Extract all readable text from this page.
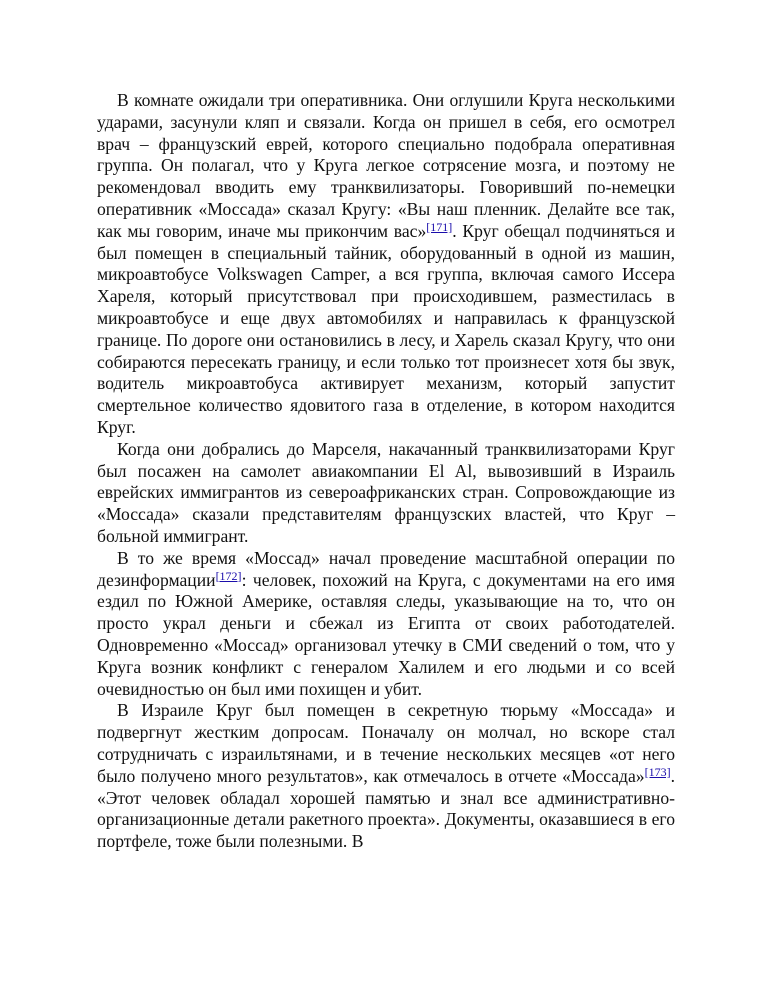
В комнате ожидали три оперативника. Они оглушили Круга несколькими ударами, засунули кляп и связали. Когда он пришел в себя, его осмотрел врач – французский еврей, которого специально подобрала оперативная группа. Он полагал, что у Круга легкое сотрясение мозга, и поэтому не рекомендовал вводить ему транквилизаторы. Говоривший по-немецки оперативник «Моссада» сказал Кругу: «Вы наш пленник. Делайте все так, как мы говорим, иначе мы прикончим вас»[171]. Круг обещал подчиняться и был помещен в специальный тайник, оборудованный в одной из машин, микроавтобусе Volkswagen Camper, а вся группа, включая самого Иссера Хареля, который присутствовал при происходившем, разместилась в микроавтобусе и еще двух автомобилях и направилась к французской границе. По дороге они остановились в лесу, и Харель сказал Кругу, что они собираются пересекать границу, и если только тот произнесет хотя бы звук, водитель микроавтобуса активирует механизм, который запустит смертельное количество ядовитого газа в отделение, в котором находится Круг.

Когда они добрались до Марселя, накачанный транквилизаторами Круг был посажен на самолет авиакомпании El Al, вывозивший в Израиль еврейских иммигрантов из североафриканских стран. Сопровождающие из «Моссада» сказали представителям французских властей, что Круг – больной иммигрант.

В то же время «Моссад» начал проведение масштабной операции по дезинформации[172]: человек, похожий на Круга, с документами на его имя ездил по Южной Америке, оставляя следы, указывающие на то, что он просто украл деньги и сбежал из Египта от своих работодателей. Одновременно «Моссад» организовал утечку в СМИ сведений о том, что у Круга возник конфликт с генералом Халилем и его людьми и со всей очевидностью он был ими похищен и убит.

В Израиле Круг был помещен в секретную тюрьму «Моссада» и подвергнут жестким допросам. Поначалу он молчал, но вскоре стал сотрудничать с израильтянами, и в течение нескольких месяцев «от него было получено много результатов», как отмечалось в отчете «Моссада»[173]. «Этот человек обладал хорошей памятью и знал все административно-организационные детали ракетного проекта». Документы, оказавшиеся в его портфеле, тоже были полезными. В
